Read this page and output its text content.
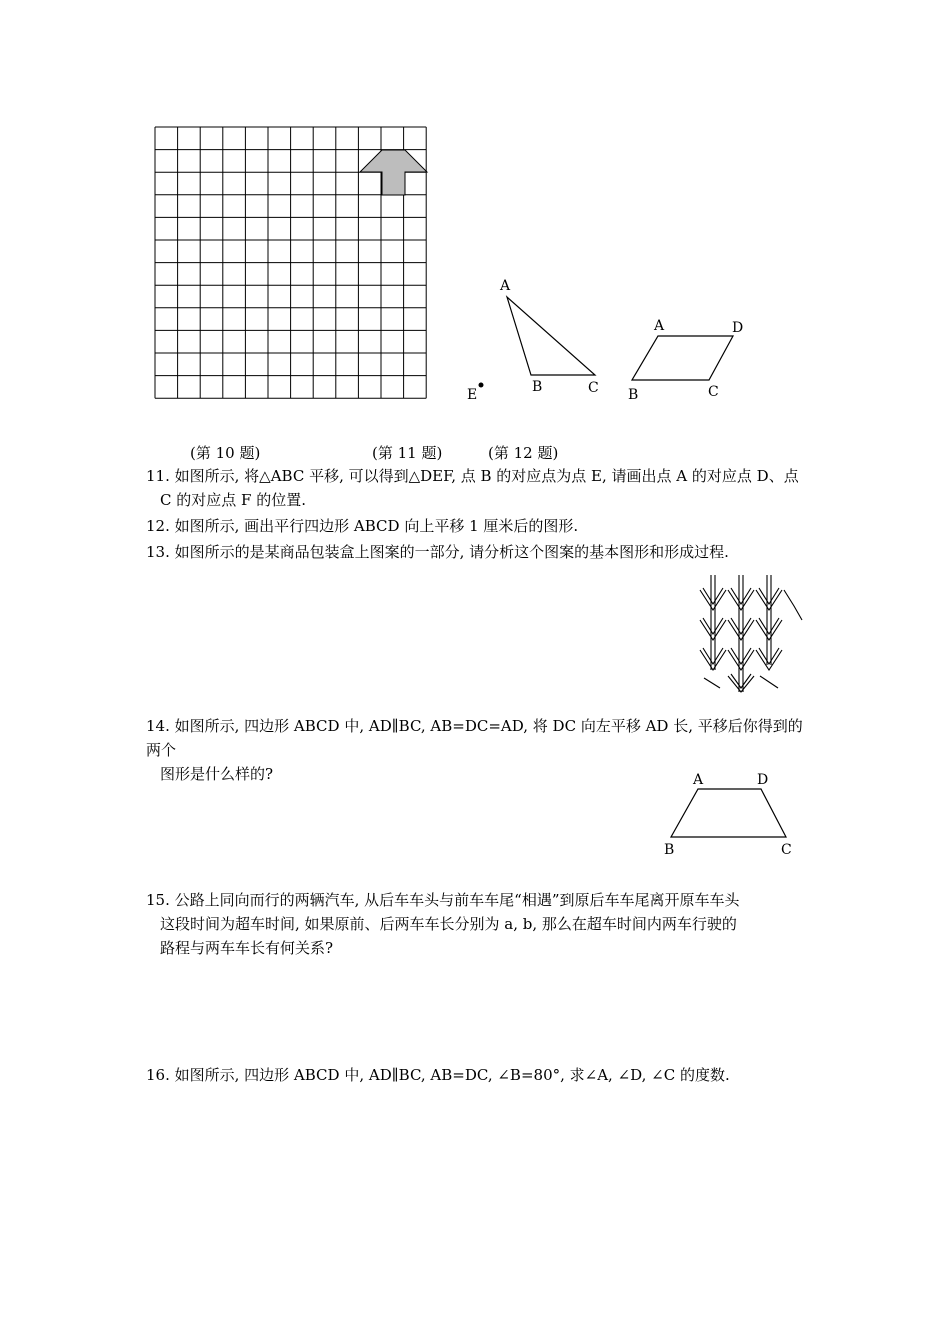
A
B	C
E
A	D
B	C
(第 10 题)	(第 11 题)	(第 12 题)
11. 如图所示, 将△ABC 平移, 可以得到△DEF, 点 B 的对应点为点 E, 请画出点 A 的对应点 D、点
C 的对应点 F 的位置.
12. 如图所示, 画出平行四边形 ABCD 向上平移 1 厘米后的图形.
13. 如图所示的是某商品包装盒上图案的一部分, 请分析这个图案的基本图形和形成过程.
14. 如图所示, 四边形 ABCD 中, AD∥BC, AB=DC=AD, 将 DC 向左平移 AD 长, 平移后你得到的两个
图形是什么样的?	A	D
B	C
15. 公路上同向而行的两辆汽车, 从后车车头与前车车尾“相遇”到原后车车尾离开原车车头
这段时间为超车时间, 如果原前、后两车车长分别为 a, b, 那么在超车时间内两车行驶的
路程与两车车长有何关系?
16. 如图所示, 四边形 ABCD 中, AD∥BC, AB=DC, ∠B=80°, 求∠A, ∠D, ∠C 的度数.
